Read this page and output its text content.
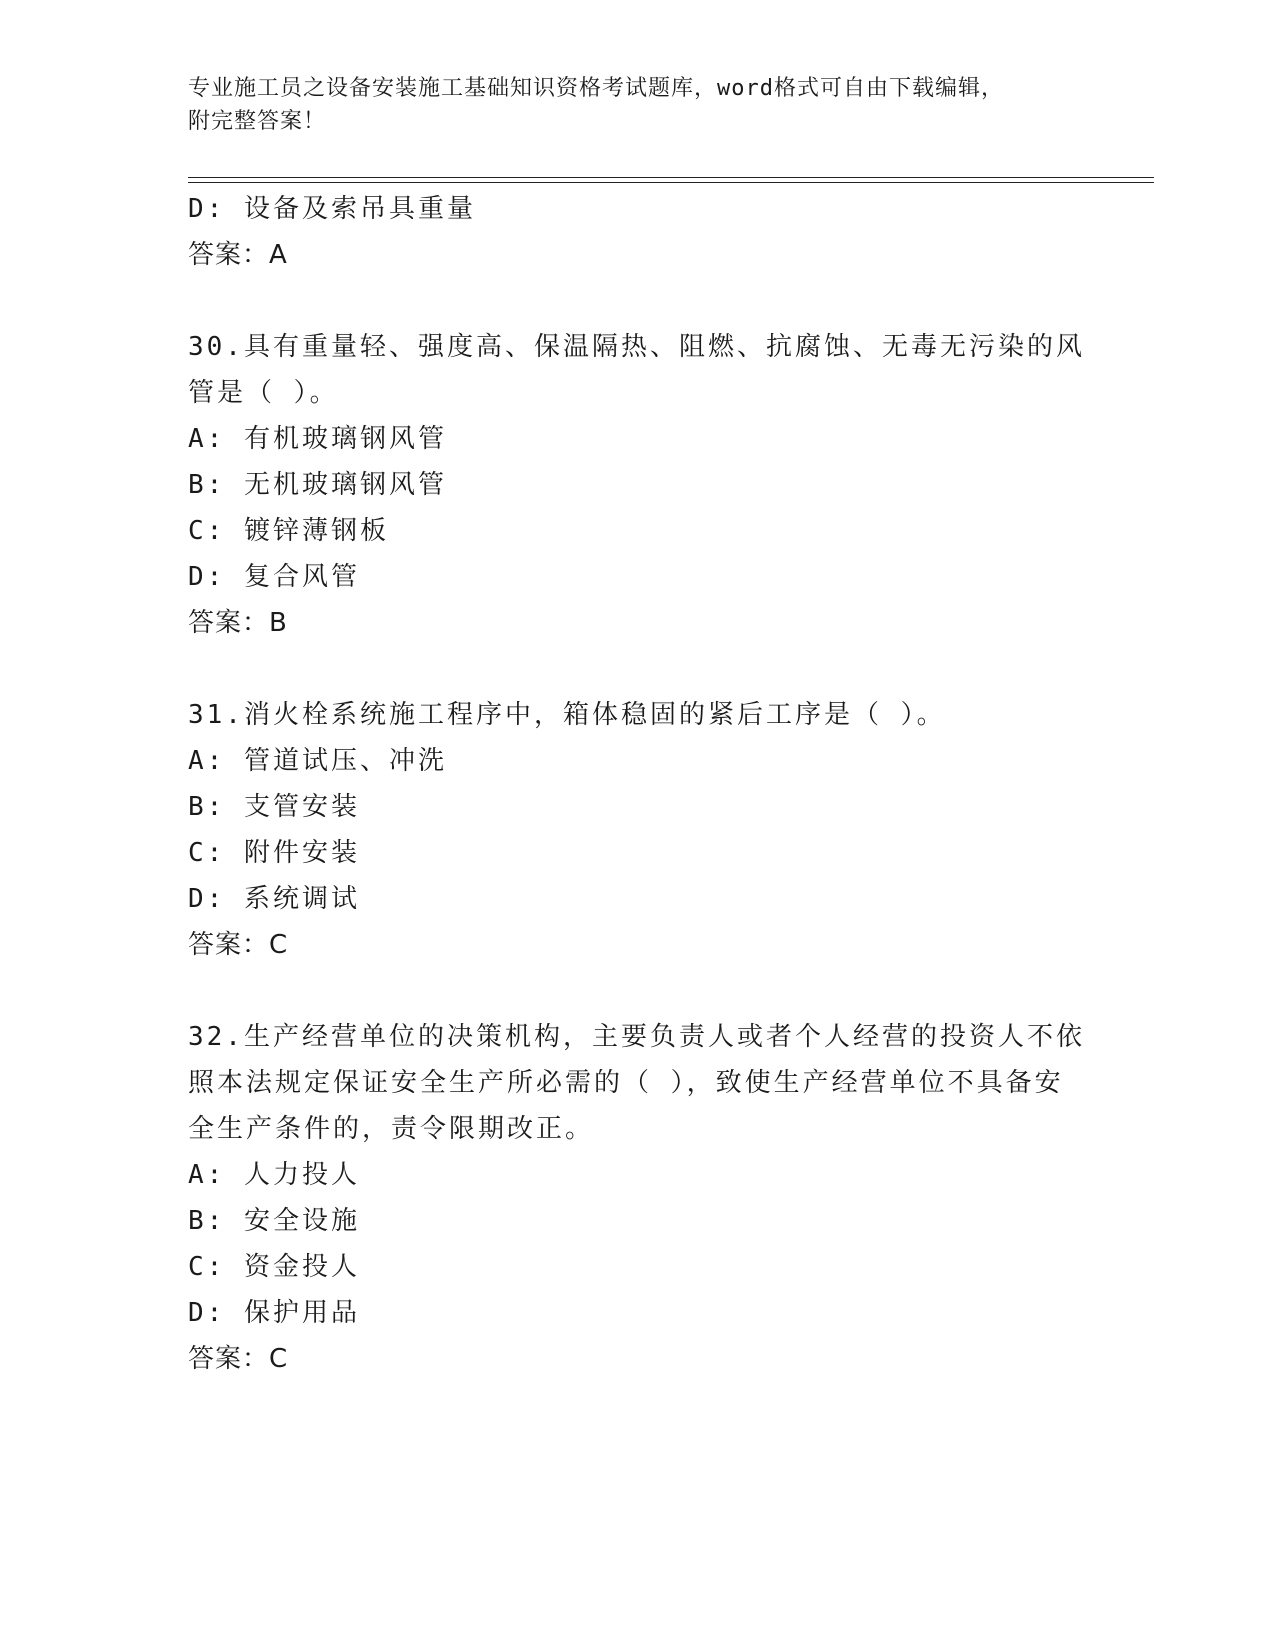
专业施工员之设备安装施工基础知识资格考试题库，word格式可自由下载编辑，
附完整答案！
D: 设备及索吊具重量
答案：A
30.具有重量轻、强度高、保温隔热、阻燃、抗腐蚀、无毒无污染的风
管是（ ）。
A: 有机玻璃钢风管
B: 无机玻璃钢风管
C: 镀锌薄钢板
D: 复合风管
答案：B
31.消火栓系统施工程序中，箱体稳固的紧后工序是（ ）。
A: 管道试压、冲洗
B: 支管安装
C: 附件安装
D: 系统调试
答案：C
32.生产经营单位的决策机构，主要负责人或者个人经营的投资人不依
照本法规定保证安全生产所必需的（ ），致使生产经营单位不具备安
全生产条件的，责令限期改正。
A: 人力投人
B: 安全设施
C: 资金投人
D: 保护用品
答案：C
